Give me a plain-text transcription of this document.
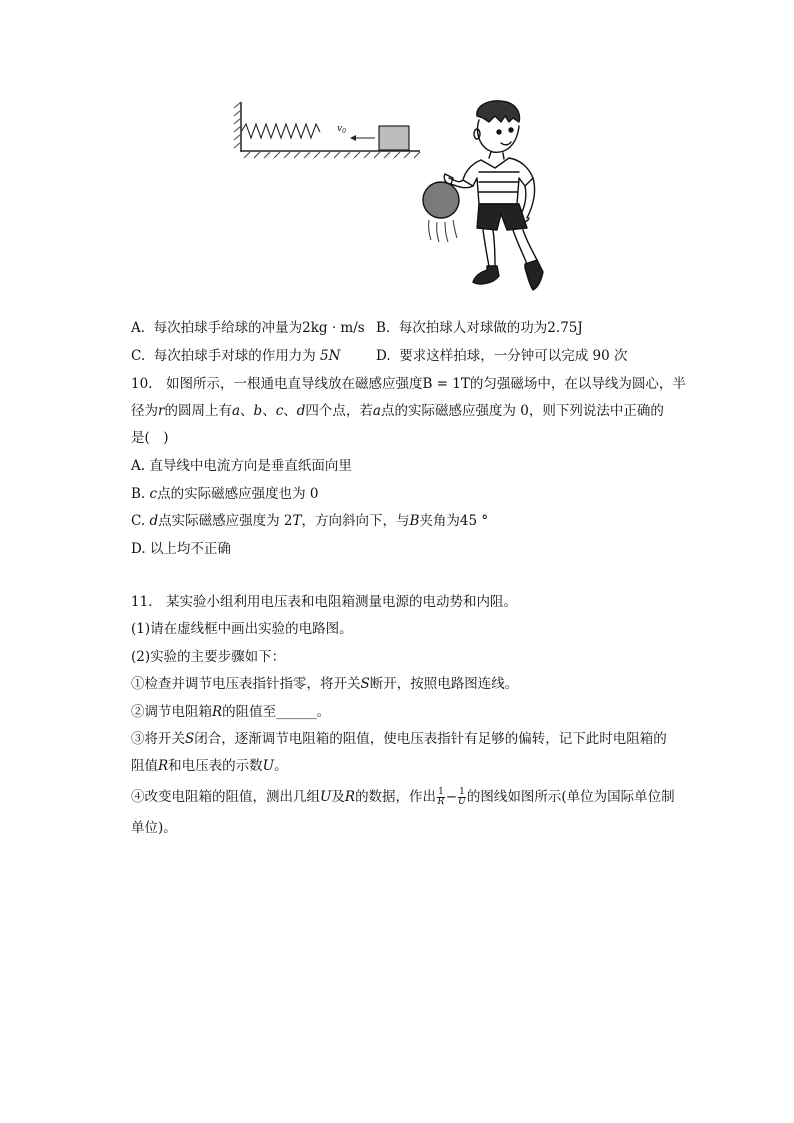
$v_0$
A. 每次拍球手给球的冲量为2kg · m/s B. 每次拍球人对球做的功为2.75J
C. 每次拍球手对球的作用力为 5N	D. 要求这样拍球，一分钟可以完成 90 次
10.　如图所示，一根通电直导线放在磁感应强度B = 1T的匀强磁场中，在以导线为圆心，半
径为r的圆周上有a、b、c、d四个点，若a点的实际磁感应强度为 0，则下列说法中正确的
是(　)
A. 直导线中电流方向是垂直纸面向里
B. c点的实际磁感应强度也为 0
C. d点实际磁感应强度为 2T，方向斜向下，与B夹角为45 °
D. 以上均不正确
11.　某实验小组利用电压表和电阻箱测量电源的电动势和内阻。
(1)请在虚线框中画出实验的电路图。
(2)实验的主要步骤如下：
①检查并调节电压表指针指零，将开关S断开，按照电路图连线。
②调节电阻箱R的阻值至______。
③将开关S闭合，逐渐调节电阻箱的阻值，使电压表指针有足够的偏转，记下此时电阻箱的
阻值R和电压表的示数U。
④改变电阻箱的阻值，测出几组U及R的数据，作出 $\frac{1}{R} - \frac{1}{U}$ 的图线如图所示(单位为国际单位制
单位)。
